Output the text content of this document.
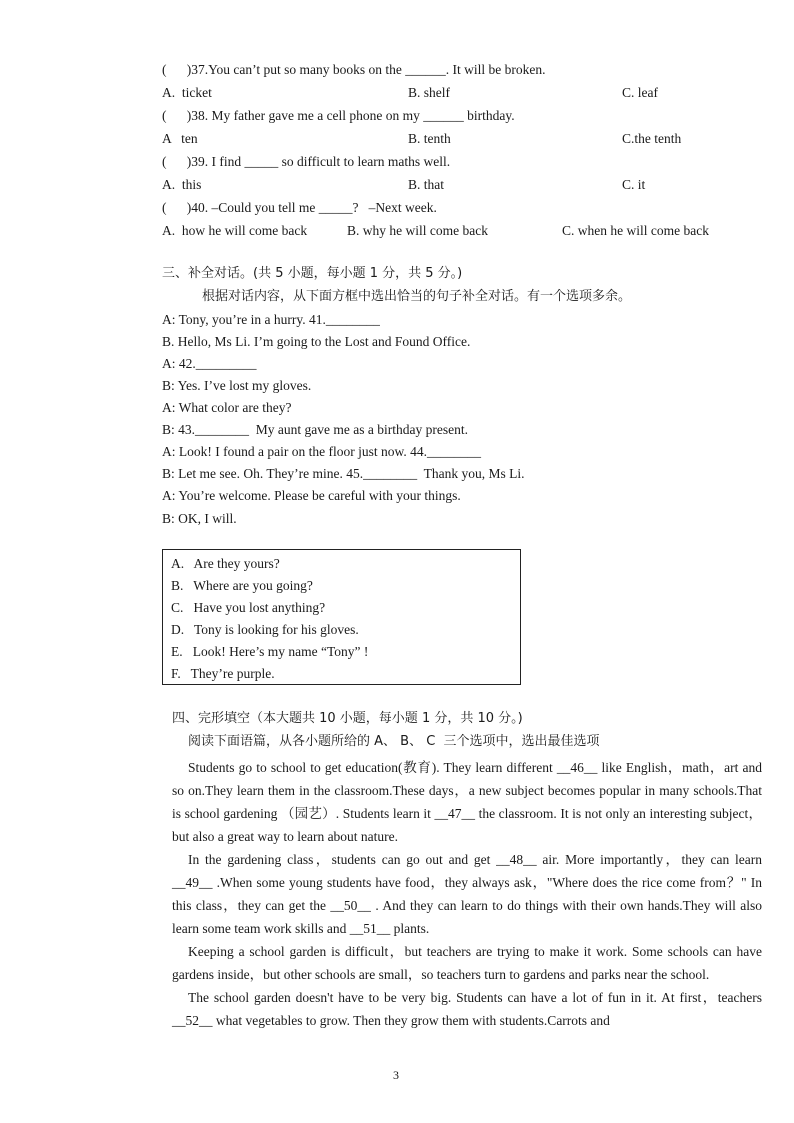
(      )37.You can’t put so many books on the ______. It will be broken.
A.  ticket	B. shelf	C. leaf
(      )38. My father gave me a cell phone on my ______ birthday.
A   ten	B. tenth	C.the tenth
(      )39. I find _____ so difficult to learn maths well.
A.  this	B. that	C. it
(      )40. –Could you tell me _____?   –Next week.
A.  how he will come back	B. why he will come back	C. when he will come back
三、补全对话。(共 5 小题，每小题 1 分，共 5 分。)
根据对话内容，从下面方框中选出恰当的句子补全对话。有一个选项多余。
A: Tony, you’re in a hurry. 41.________
B. Hello, Ms Li. I’m going to the Lost and Found Office.
A: 42._________
B: Yes. I’ve lost my gloves.
A: What color are they?
B: 43.________  My aunt gave me as a birthday present.
A: Look! I found a pair on the floor just now. 44.________
B: Let me see. Oh. They’re mine. 45.________  Thank you, Ms Li.
A: You’re welcome. Please be careful with your things.
B: OK, I will.
A.   Are they yours?
B.   Where are you going?
C.   Have you lost anything?
D.   Tony is looking for his gloves.
E.   Look! Here’s my name “Tony” !
F.   They’re purple.
四、完形填空（本大题共 10 小题，每小题 1 分，共 10 分。)
阅读下面语篇，从各小题所给的 A、 B、 C  三个选项中，选出最佳选项

Students go to school to get education(教育). They learn different __46__ like English，math，art and so on.They learn them in the classroom.These days，a new subject becomes popular in many schools.That is school gardening （园艺）. Students learn it __47__ the classroom. It is not only an interesting subject，but also a great way to learn about nature.

In the gardening class，students can go out and get __48__ air. More importantly，they can learn __49__ .When some young students have food，they always ask，"Where does the rice come from？" In this class，they can get the __50__ . And they can learn to do things with their own hands.They will also learn some team work skills and __51__ plants.

Keeping a school garden is difficult，but teachers are trying to make it work. Some schools can have gardens inside，but other schools are small，so teachers turn to gardens and parks near the school.

The school garden doesn't have to be very big. Students can have a lot of fun in it. At first，teachers __52__ what vegetables to grow. Then they grow them with students.Carrots and

3
